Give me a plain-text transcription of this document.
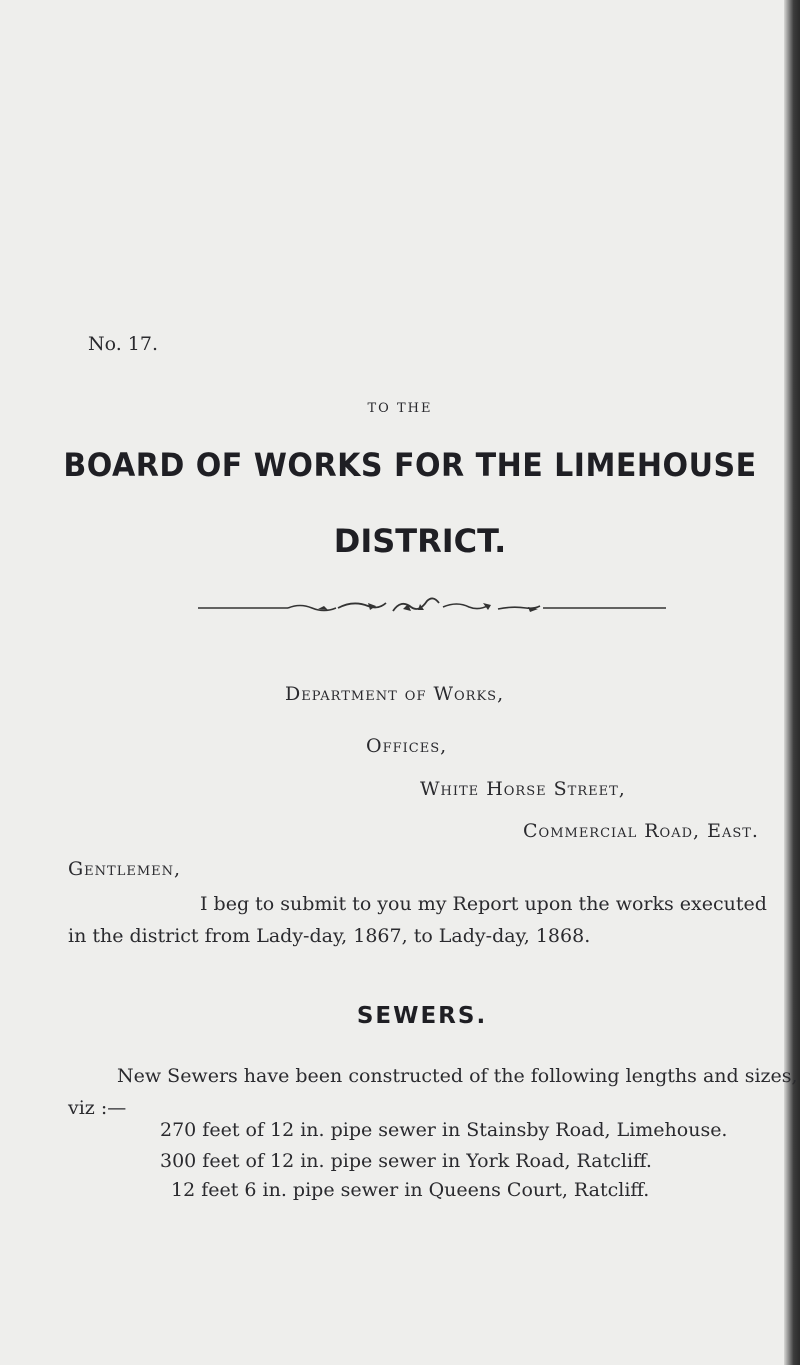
No. 17.
TO THE
BOARD OF WORKS FOR THE LIMEHOUSE
DISTRICT.
Department of Works,
Offices,
White Horse Street,
Commercial Road, East.
Gentlemen,
I beg to submit to you my Report upon the works executed
in the district from Lady-day, 1867, to Lady-day, 1868.
SEWERS.
New Sewers have been constructed of the following lengths and sizes,
viz :—
270 feet of 12 in. pipe sewer in Stainsby Road, Limehouse.
300 feet of 12 in. pipe sewer in York Road, Ratcliff.
12 feet 6 in. pipe sewer in Queens Court, Ratcliff.
